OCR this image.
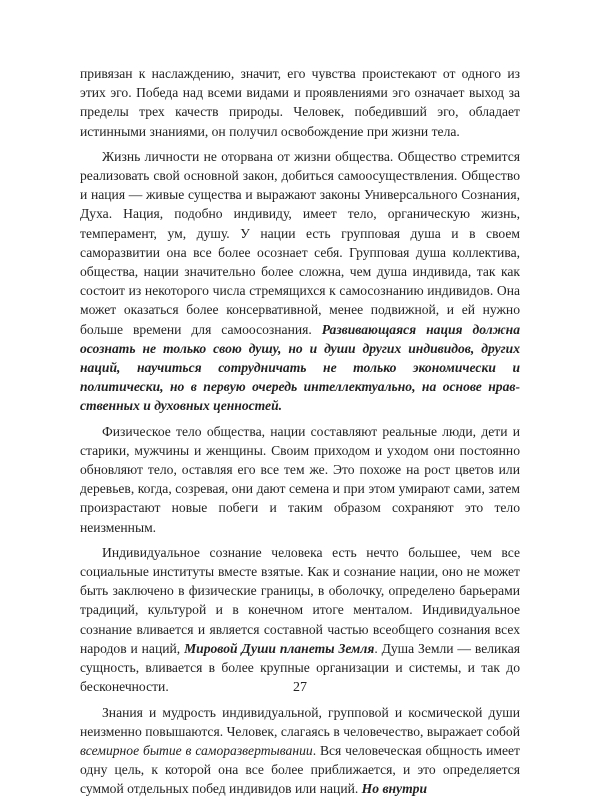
привязан к наслаждению, значит, его чувства проистекают от одного из этих эго. Победа над всеми видами и проявлениями эго означает выход за пределы трех качеств природы. Человек, победивший эго, обладает истинными знаниями, он получил освобождение при жизни тела.

Жизнь личности не оторвана от жизни общества. Общество стремится реализовать свой основной закон, добиться самоосуществления. Общество и нация — живые существа и выражают законы Универсального Сознания, Духа. Нация, подобно индивиду, имеет тело, органическую жизнь, темперамент, ум, душу. У нации есть групповая душа и в своем саморазвитии она все более осознает себя. Групповая душа коллектива, общества, нации значительно более сложна, чем душа индивида, так как состоит из некоторого числа стремящихся к самосознанию индивидов. Она может оказаться более консервативной, менее подвижной, и ей нужно больше времени для самоосознания. Развивающаяся нация должна осознать не только свою душу, но и души других индивидов, других наций, научиться сотрудничать не только экономически и политически, но в первую очередь интеллектуально, на основе нравственных и духовных ценностей.

Физическое тело общества, нации составляют реальные люди, дети и старики, мужчины и женщины. Своим приходом и уходом они постоянно обновляют тело, оставляя его все тем же. Это похоже на рост цветов или деревьев, когда, созревая, они дают семена и при этом умирают сами, затем произрастают новые побеги и таким образом сохраняют это тело неизменным.

Индивидуальное сознание человека есть нечто большее, чем все социальные институты вместе взятые. Как и сознание нации, оно не может быть заключено в физические границы, в оболочку, определено барьерами традиций, культурой и в конечном итоге менталом. Индивидуальное сознание вливается и является составной частью всеобщего сознания всех народов и наций, Мировой Души планеты Земля. Душа Земли — великая сущность, вливается в более крупные организации и системы, и так до бесконечности.

Знания и мудрость индивидуальной, групповой и космической души неизменно повышаются. Человек, слагаясь в человечество, выражает собой всемирное бытие в саморазвертывании. Вся человеческая общность имеет одну цель, к которой она все более приближается, и это определяется суммой отдельных побед индивидов или наций. Но внутри

27
